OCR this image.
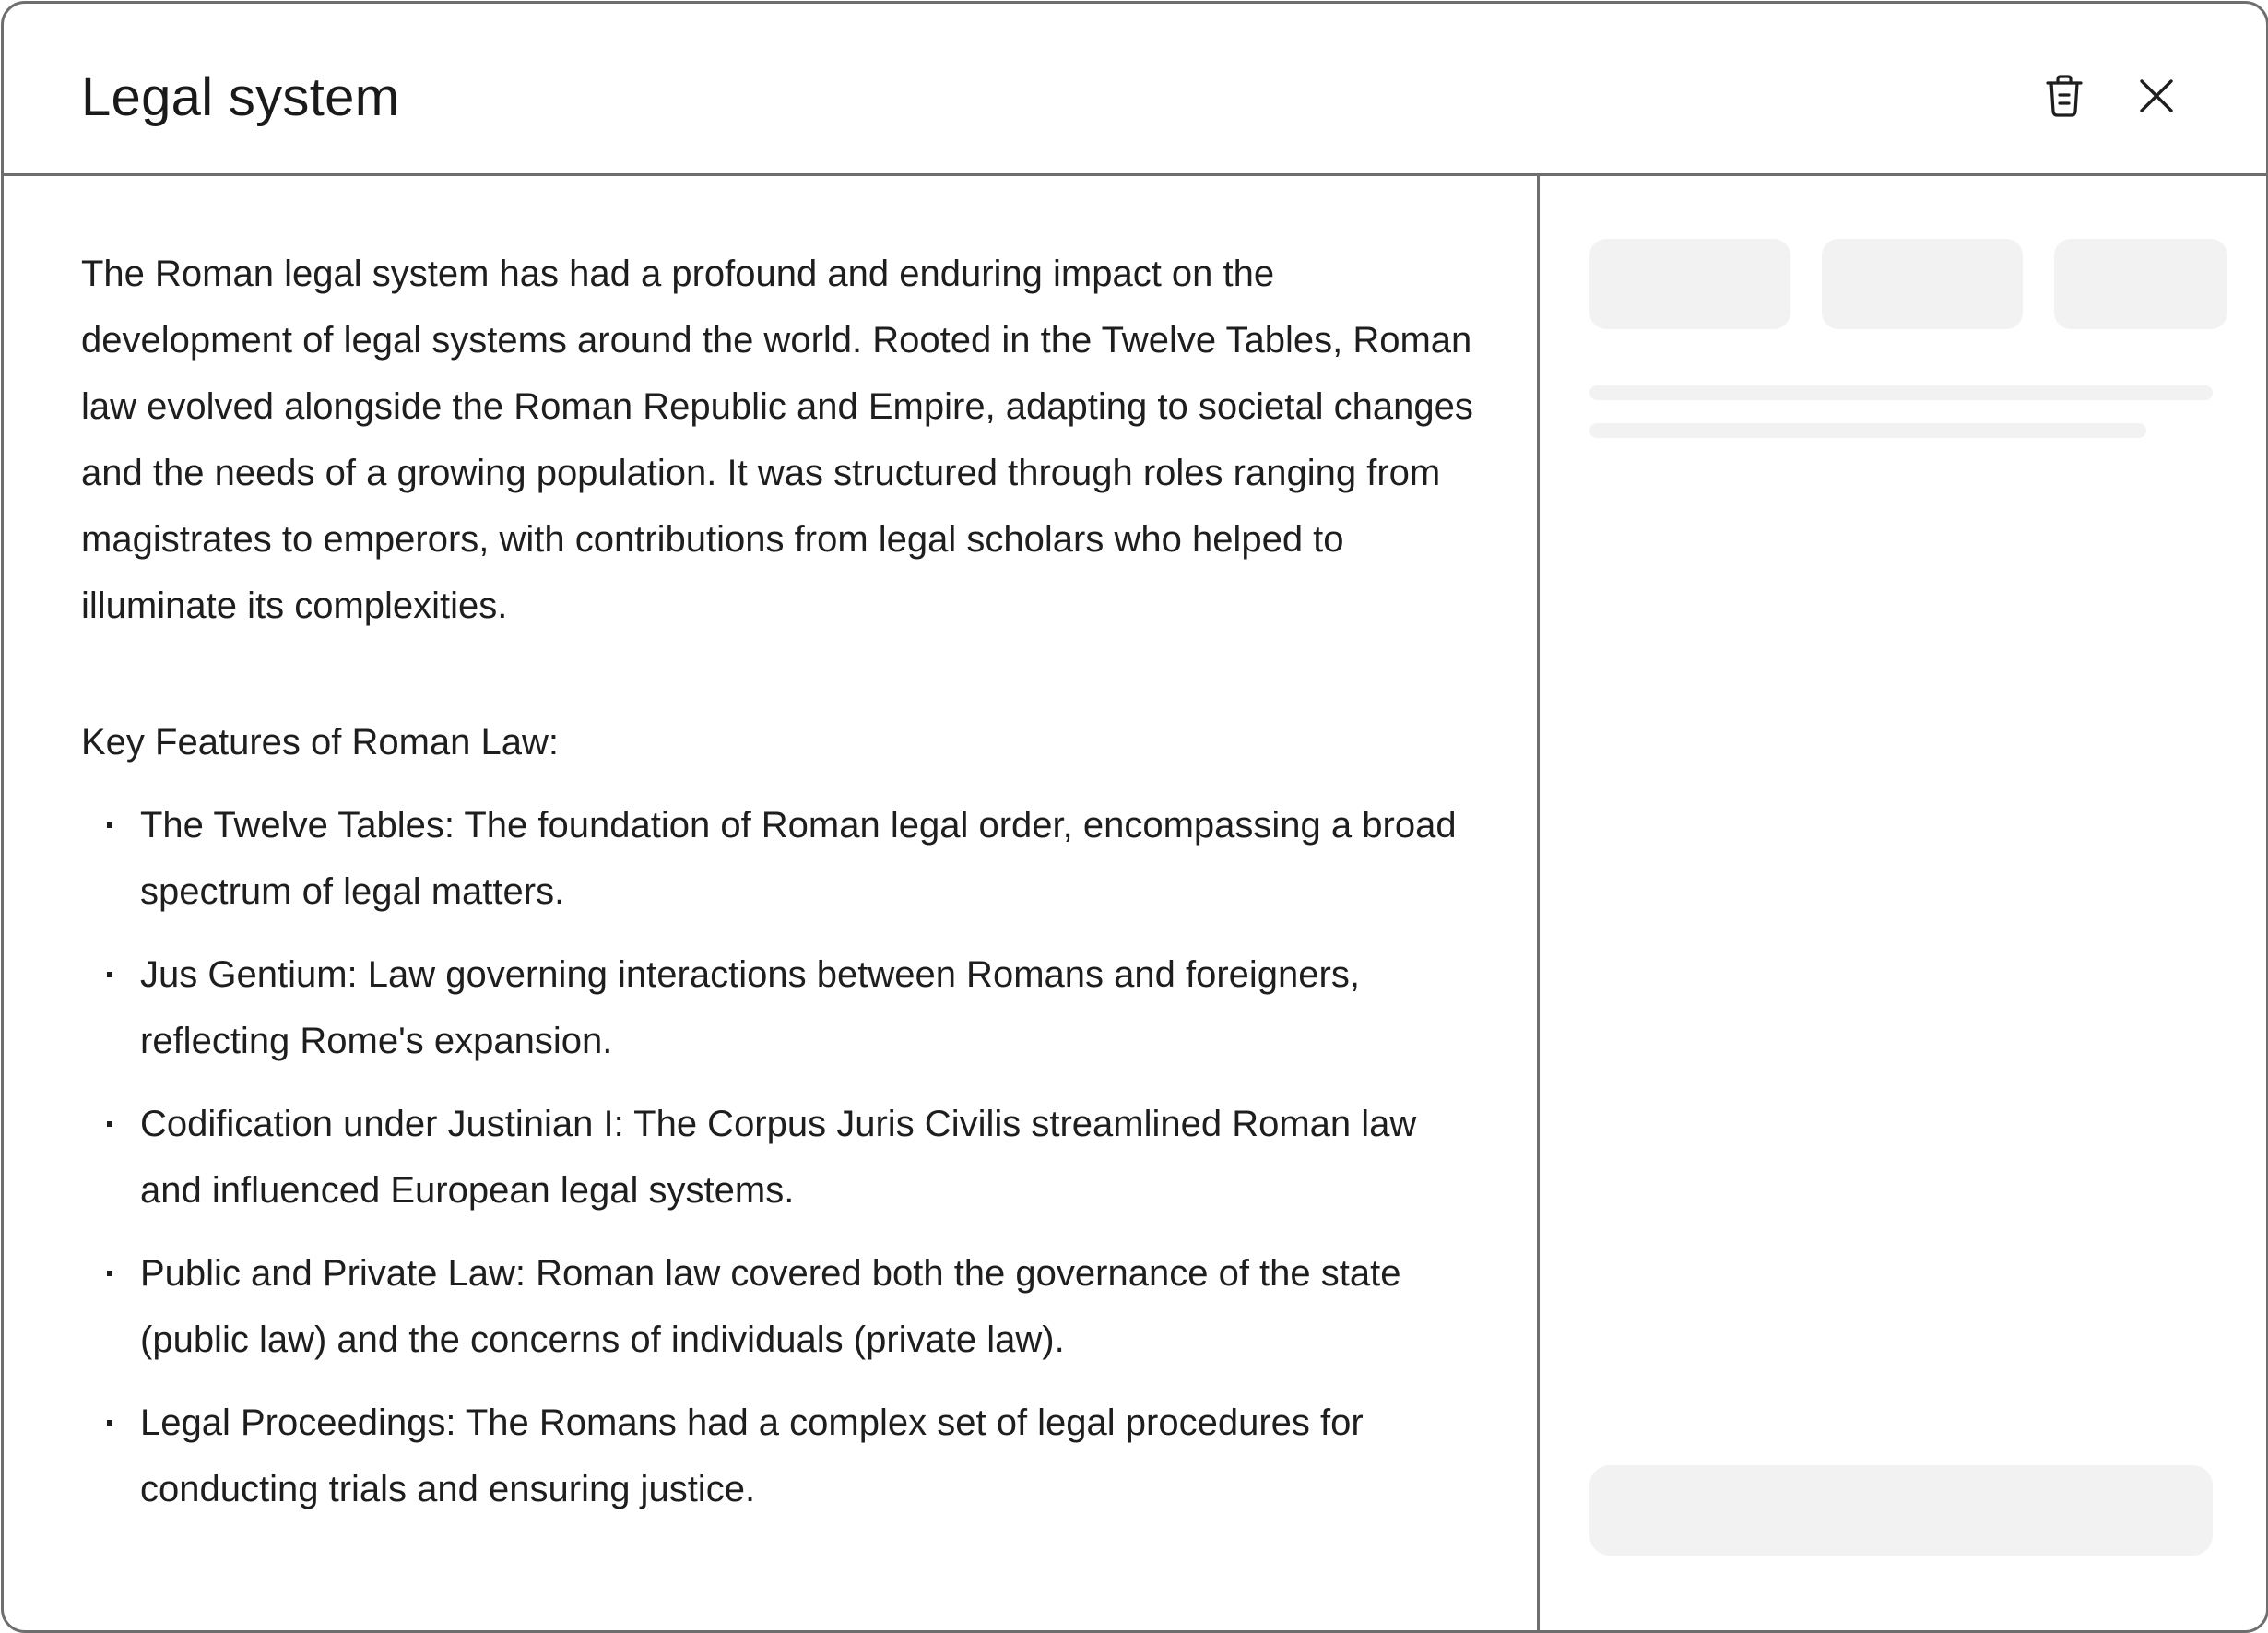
Legal system

The Roman legal system has had a profound and enduring impact on the development of legal systems around the world. Rooted in the Twelve Tables, Roman law evolved alongside the Roman Republic and Empire, adapting to societal changes and the needs of a growing population. It was structured through roles ranging from magistrates to emperors, with contributions from legal scholars who helped to illuminate its complexities.

Key Features of Roman Law:
The Twelve Tables: The foundation of Roman legal order, encompassing a broad spectrum of legal matters.
Jus Gentium: Law governing interactions between Romans and foreigners, reflecting Rome's expansion.
Codification under Justinian I: The Corpus Juris Civilis streamlined Roman law and influenced European legal systems.
Public and Private Law: Roman law covered both the governance of the state (public law) and the concerns of individuals (private law).
Legal Proceedings: The Romans had a complex set of legal procedures for conducting trials and ensuring justice.
